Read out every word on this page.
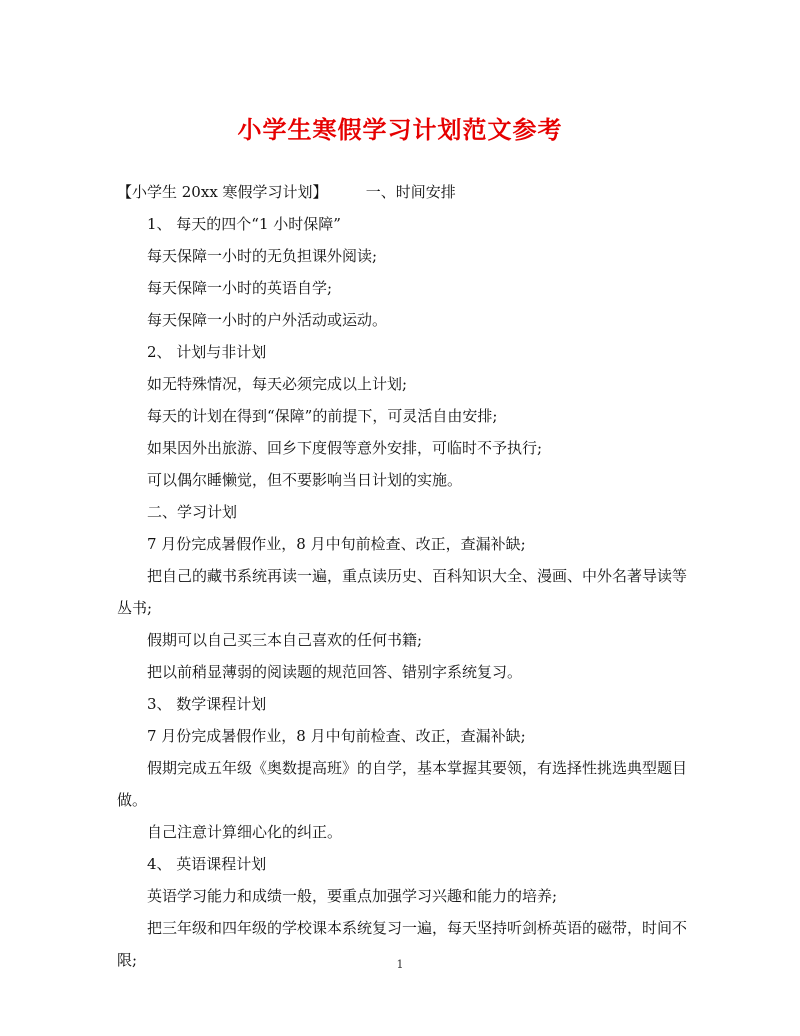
小学生寒假学习计划范文参考

【小学生 20xx 寒假学习计划】        一、时间安排

1、 每天的四个“1 小时保障”

每天保障一小时的无负担课外阅读;

每天保障一小时的英语自学;

每天保障一小时的户外活动或运动。

2、 计划与非计划

如无特殊情况，每天必须完成以上计划;

每天的计划在得到“保障”的前提下，可灵活自由安排;

如果因外出旅游、回乡下度假等意外安排，可临时不予执行;

可以偶尔睡懒觉，但不要影响当日计划的实施。

二、学习计划

7 月份完成暑假作业，8 月中旬前检查、改正，查漏补缺;

把自己的藏书系统再读一遍，重点读历史、百科知识大全、漫画、中外名著导读等丛书;

假期可以自己买三本自己喜欢的任何书籍;

把以前稍显薄弱的阅读题的规范回答、错别字系统复习。

3、 数学课程计划

7 月份完成暑假作业，8 月中旬前检查、改正，查漏补缺;

假期完成五年级《奥数提高班》的自学，基本掌握其要领，有选择性挑选典型题目做。

自己注意计算细心化的纠正。

4、 英语课程计划

英语学习能力和成绩一般，要重点加强学习兴趣和能力的培养;

把三年级和四年级的学校课本系统复习一遍，每天坚持听剑桥英语的磁带，时间不限;	1
